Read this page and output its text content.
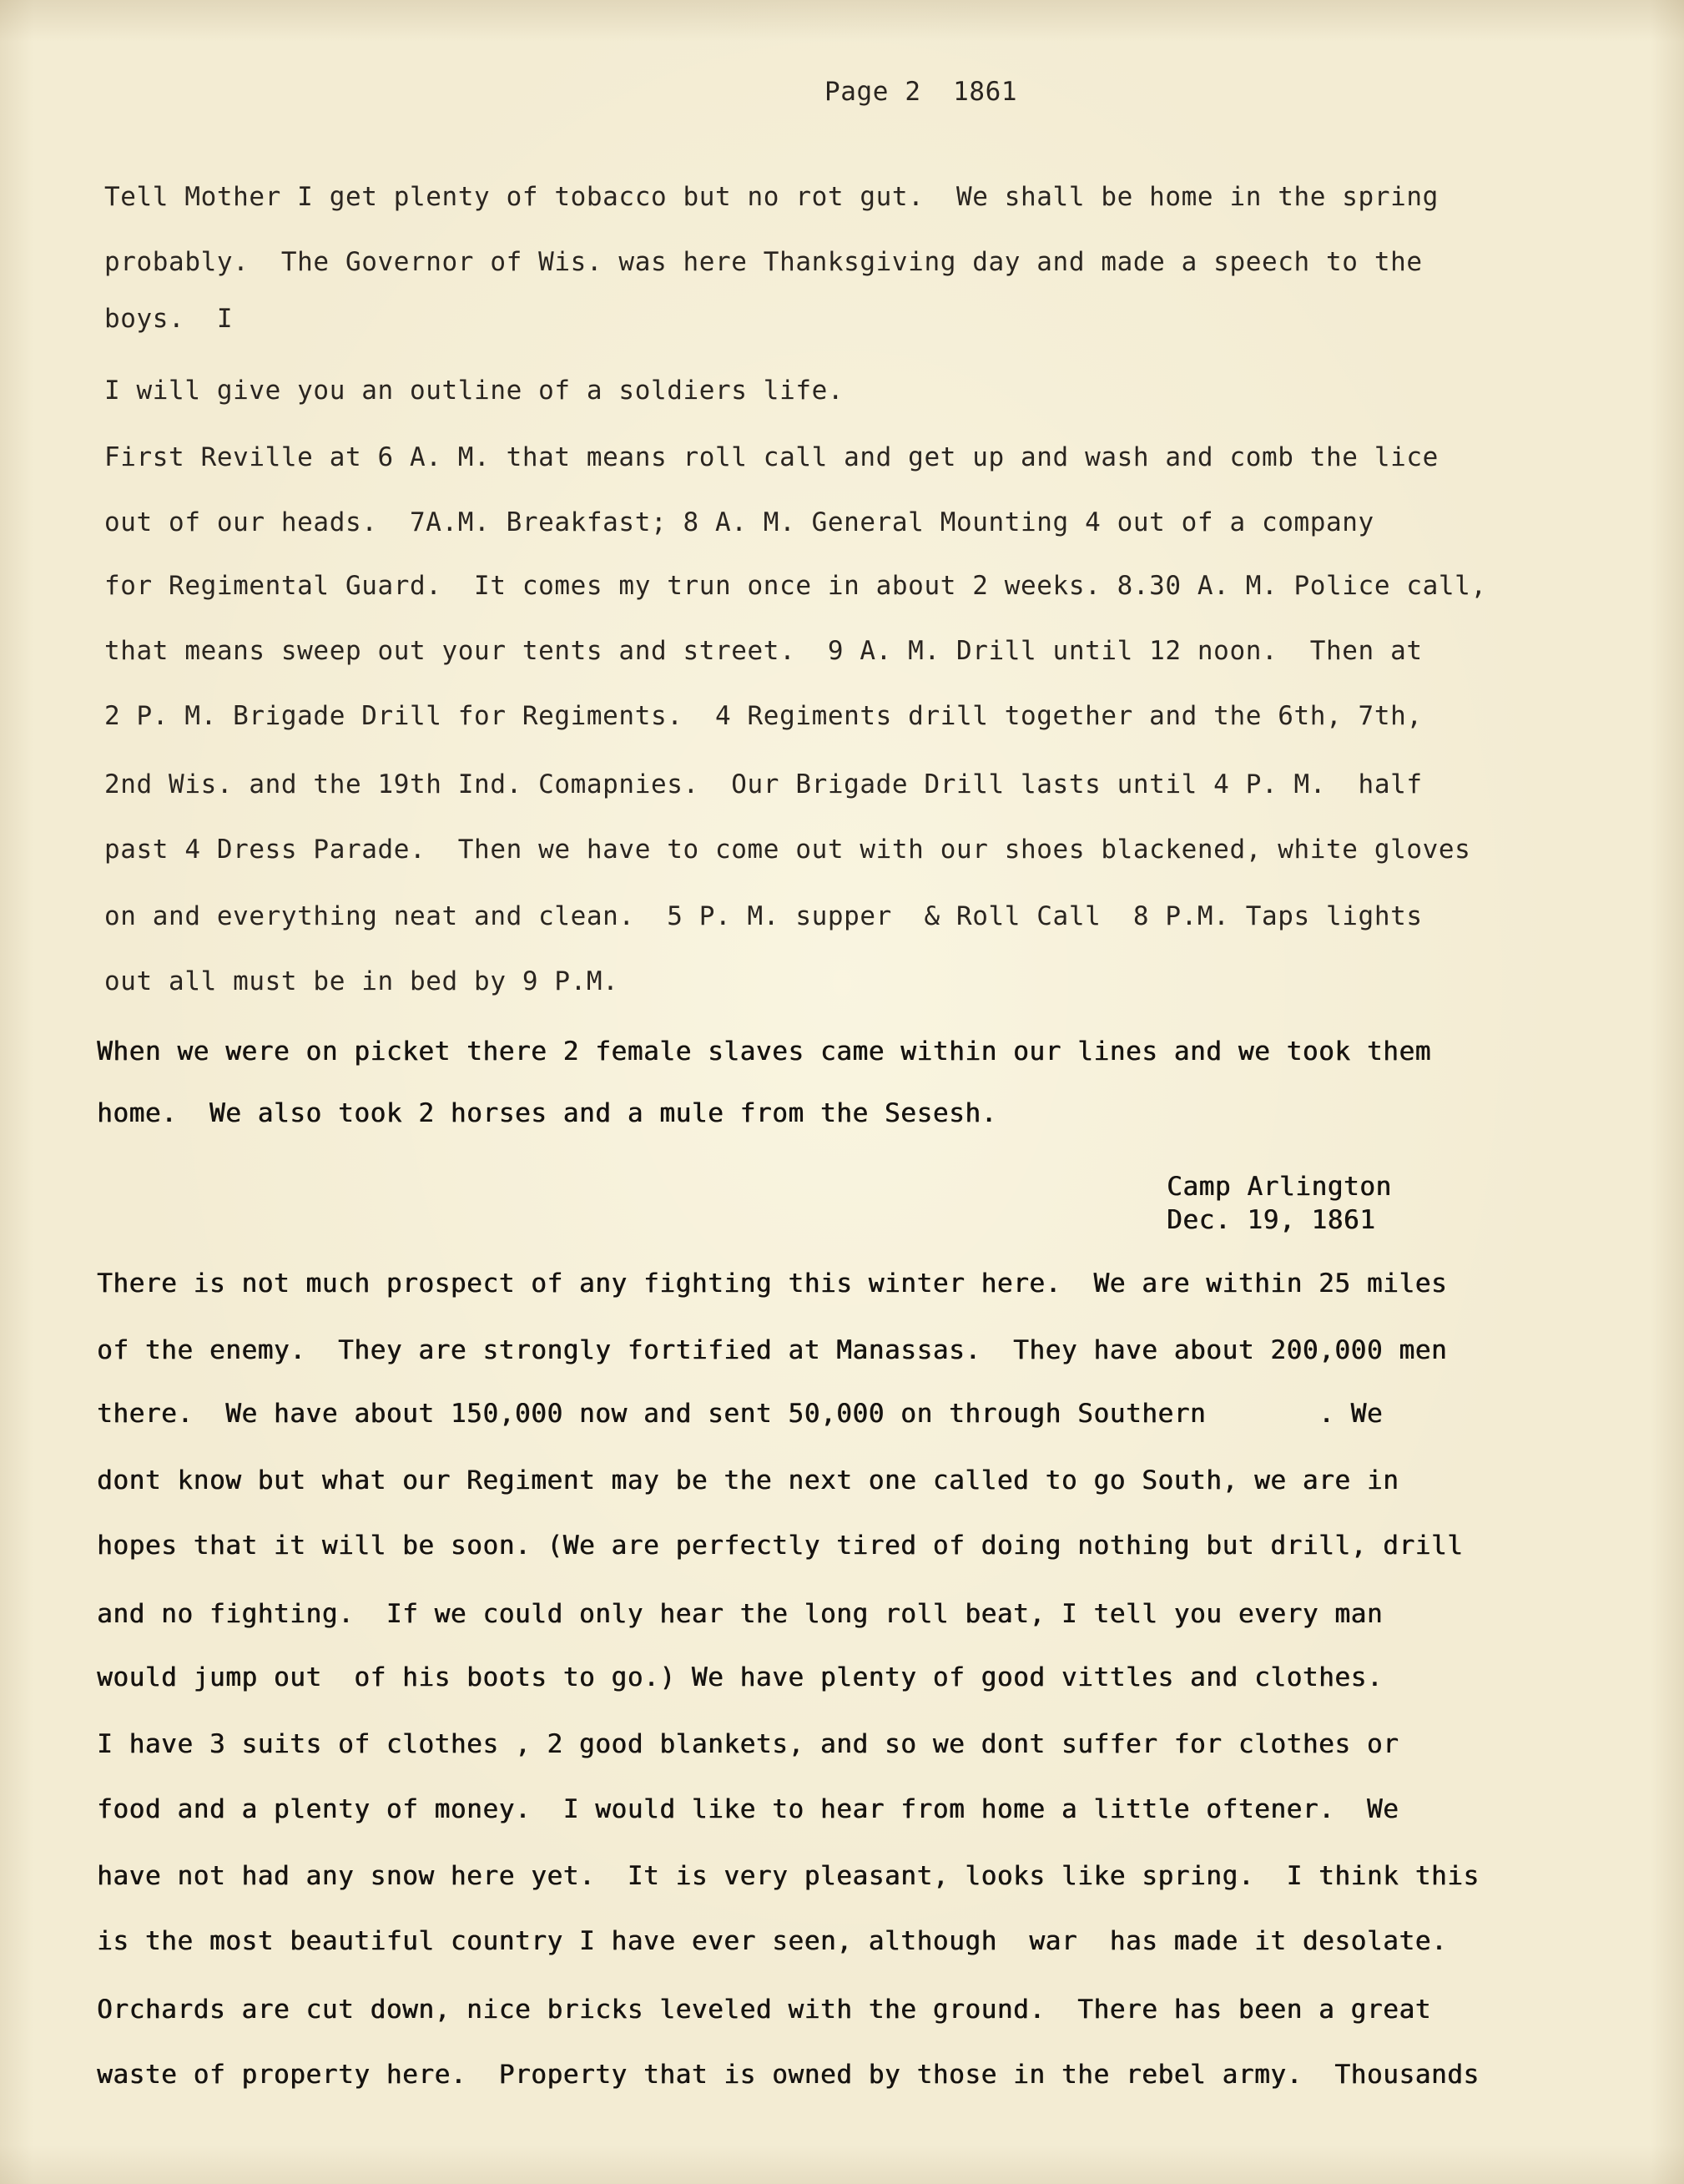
Page 2  1861
Tell Mother I get plenty of tobacco but no rot gut.  We shall be home in the spring
probably.  The Governor of Wis. was here Thanksgiving day and made a speech to the
boys.  I
I will give you an outline of a soldiers life.
First Reville at 6 A. M. that means roll call and get up and wash and comb the lice
out of our heads.  7A.M. Breakfast; 8 A. M. General Mounting 4 out of a company
for Regimental Guard.  It comes my trun once in about 2 weeks. 8.30 A. M. Police call,
that means sweep out your tents and street.  9 A. M. Drill until 12 noon.  Then at
2 P. M. Brigade Drill for Regiments.  4 Regiments drill together and the 6th, 7th,
2nd Wis. and the 19th Ind. Comapnies.  Our Brigade Drill lasts until 4 P. M.  half
past 4 Dress Parade.  Then we have to come out with our shoes blackened, white gloves
on and everything neat and clean.  5 P. M. supper  & Roll Call  8 P.M. Taps lights
out all must be in bed by 9 P.M.
When we were on picket there 2 female slaves came within our lines and we took them
home.  We also took 2 horses and a mule from the Sesesh.
Camp Arlington
Dec. 19, 1861
There is not much prospect of any fighting this winter here.  We are within 25 miles
of the enemy.  They are strongly fortified at Manassas.  They have about 200,000 men
there.  We have about 150,000 now and sent 50,000 on through Southern       . We
dont know but what our Regiment may be the next one called to go South, we are in
hopes that it will be soon. (We are perfectly tired of doing nothing but drill, drill
and no fighting.  If we could only hear the long roll beat, I tell you every man
would jump out  of his boots to go.) We have plenty of good vittles and clothes.
I have 3 suits of clothes , 2 good blankets, and so we dont suffer for clothes or
food and a plenty of money.  I would like to hear from home a little oftener.  We
have not had any snow here yet.  It is very pleasant, looks like spring.  I think this
is the most beautiful country I have ever seen, although  war  has made it desolate.
Orchards are cut down, nice bricks leveled with the ground.  There has been a great
waste of property here.  Property that is owned by those in the rebel army.  Thousands
